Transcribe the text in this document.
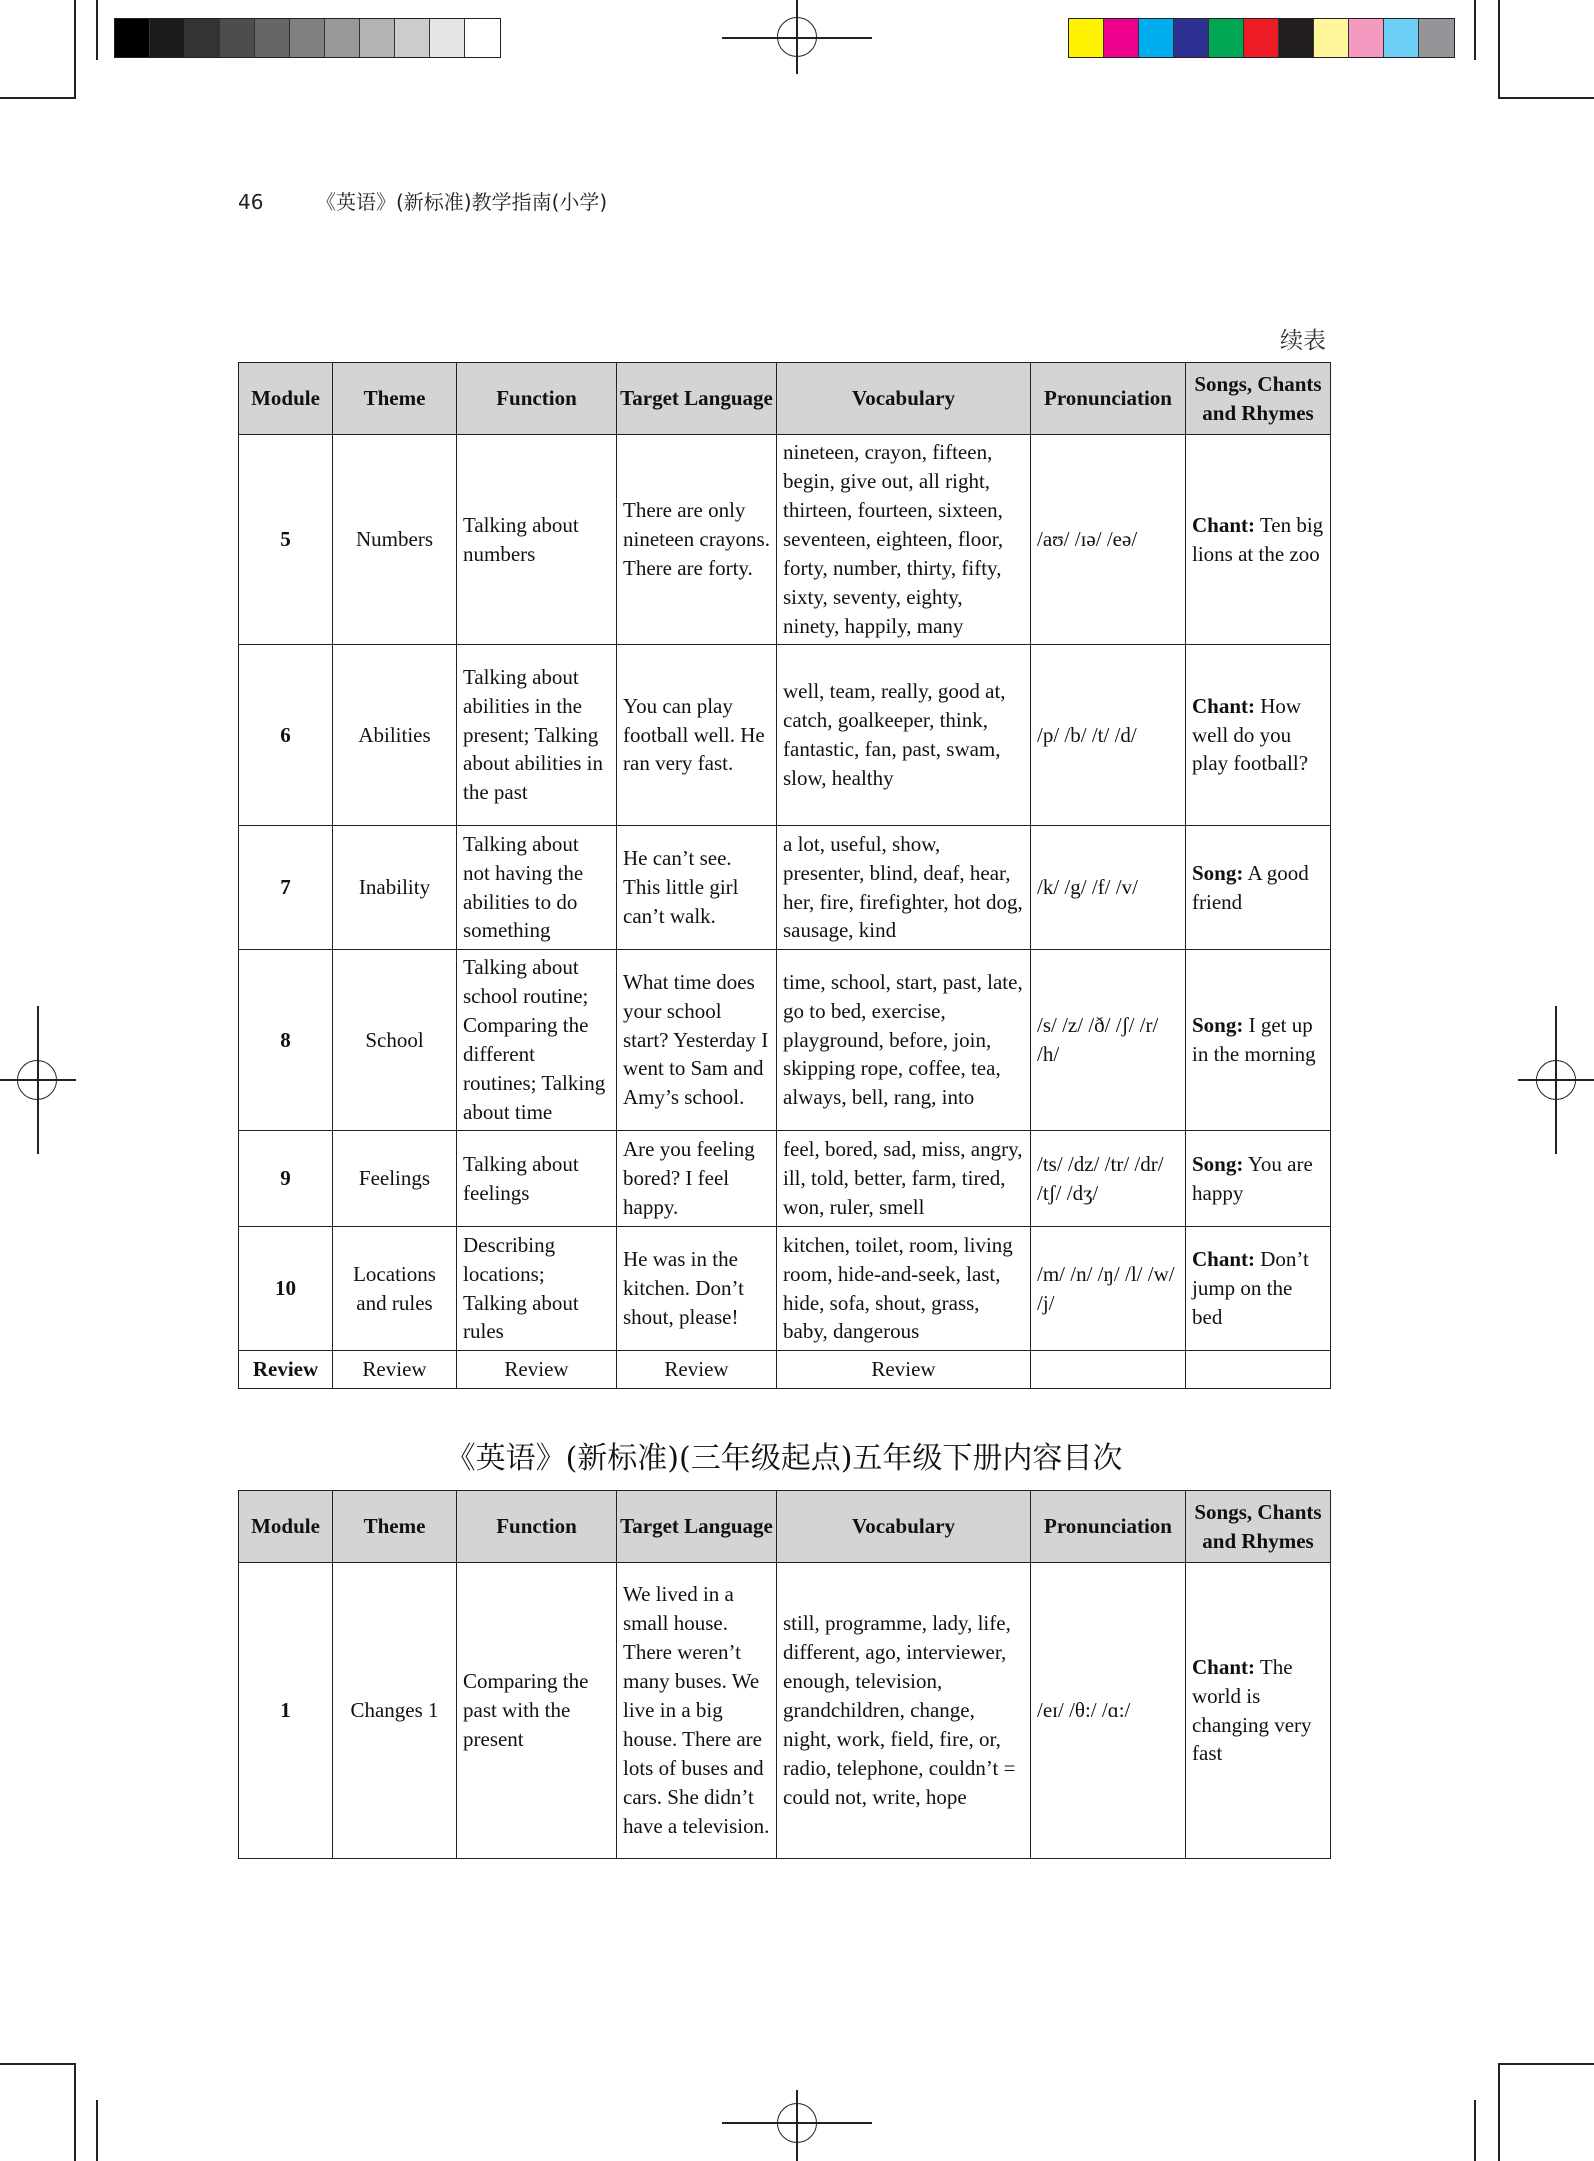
46	《英语》(新标准)教学指南(小学)
续表
Module	Theme	Function	Target Language	Vocabulary	Pronunciation	Songs, Chants and Rhymes
5	Numbers	Talking about numbers	There are only nineteen crayons. There are forty.	nineteen, crayon, fifteen, begin, give out, all right, thirteen, fourteen, sixteen, seventeen, eighteen, floor, forty, number, thirty, fifty, sixty, seventy, eighty, ninety, happily, many	/aʊ/ /ɪə/ /eə/	Chant: Ten big lions at the zoo
6	Abilities	Talking about abilities in the present; Talking about abilities in the past	You can play football well. He ran very fast.	well, team, really, good at, catch, goalkeeper, think, fantastic, fan, past, swam, slow, healthy	/p/ /b/ /t/ /d/	Chant: How well do you play football?
7	Inability	Talking about not having the abilities to do something	He can’t see. This little girl can’t walk.	a lot, useful, show, presenter, blind, deaf, hear, her, fire, firefighter, hot dog, sausage, kind	/k/ /g/ /f/ /v/	Song: A good friend
8	School	Talking about school routine; Comparing the different routines; Talking about time	What time does your school start? Yesterday I went to Sam and Amy’s school.	time, school, start, past, late, go to bed, exercise, playground, before, join, skipping rope, coffee, tea, always, bell, rang, into	/s/ /z/ /ð/ /ʃ/ /r/ /h/	Song: I get up in the morning
9	Feelings	Talking about feelings	Are you feeling bored? I feel happy.	feel, bored, sad, miss, angry, ill, told, better, farm, tired, won, ruler, smell	/ts/ /dz/ /tr/ /dr/ /tʃ/ /dʒ/	Song: You are happy
10	Locations and rules	Describing locations; Talking about rules	He was in the kitchen. Don’t shout, please!	kitchen, toilet, room, living room, hide-and-seek, last, hide, sofa, shout, grass, baby, dangerous	/m/ /n/ /ŋ/ /l/ /w/ /j/	Chant: Don’t jump on the bed
Review	Review	Review	Review	Review		
《英语》(新标准)(三年级起点)五年级下册内容目次
Module	Theme	Function	Target Language	Vocabulary	Pronunciation	Songs, Chants and Rhymes
1	Changes 1	Comparing the past with the present	We lived in a small house. There weren’t many buses. We live in a big house. There are lots of buses and cars. She didn’t have a television.	still, programme, lady, life, different, ago, interviewer, enough, television, grandchildren, change, night, work, field, fire, or, radio, telephone, couldn’t = could not, write, hope	/eɪ/ /θ:/ /ɑ:/	Chant: The world is changing very fast
